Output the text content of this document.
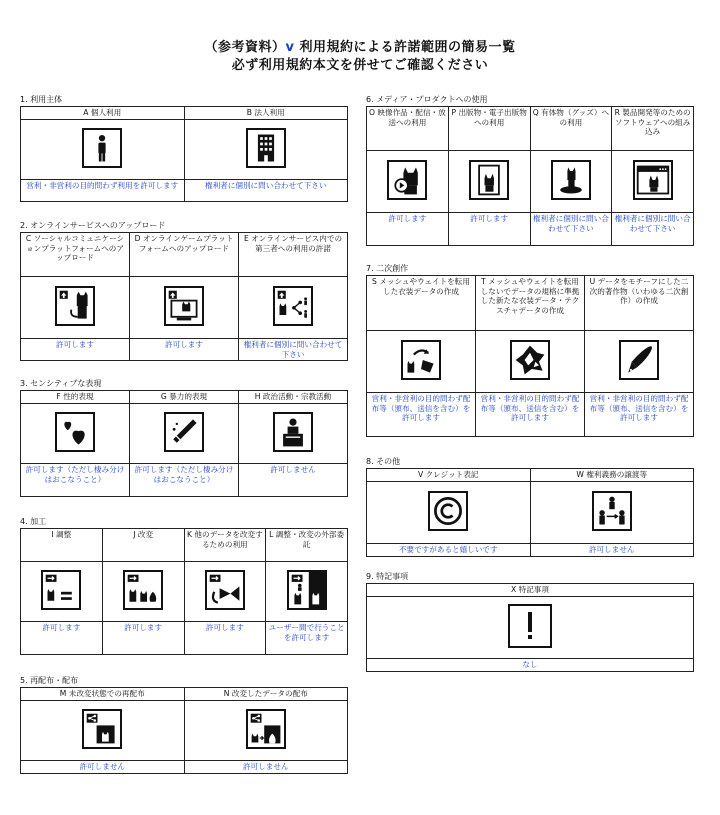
（参考資料）v 利用規約による許諾範囲の簡易一覧
必ず利用規約本文を併せてご確認ください
1. 利用主体
A 個人利用	B 法人利用

営利・非営利の目的問わず利用を許可します	権利者に個別に問い合わせて下さい
2. オンラインサービスへのアップロード
C ソーシャルコミュニケーションプラットフォームへのアップロード	D オンラインゲームプラットフォームへのアップロード	E オンラインサービス内での第三者への利用の許諾

許可します	許可します	権利者に個別に問い合わせて下さい
3. センシティブな表現
F 性的表現	G 暴力的表現	H 政治活動・宗教活動

許可します（ただし棲み分けはおこなうこと）	許可します（ただし棲み分けはおこなうこと）	許可しません
4. 加工
I 調整	J 改変	K 他のデータを改変するための利用	L 調整・改変の外部委託

許可します	許可します	許可します	ユーザー間で行うことを許可します
5. 再配布・配布
M 未改変状態での再配布	N 改変したデータの配布

許可しません	許可しません
6. メディア・プロダクトへの使用
O 映像作品・配信・放送への利用	P 出版物・電子出版物への利用	Q 有体物（グッズ）への利用	R 製品開発等のためのソフトウェアへの組み込み

許可します	許可します	権利者に個別に問い合わせて下さい	権利者に個別に問い合わせて下さい
7. 二次創作
S メッシュやウェイトを転用した衣装データの作成	T メッシュやウェイトを転用しないでデータの規格に準拠した新たな衣装データ・テクスチャデータの作成	U データをモチーフにした二次的著作物（いわゆる二次創作）の作成

営利・非営利の目的問わず配布等（頒布、送信を含む）を許可します	営利・非営利の目的問わず配布等（頒布、送信を含む）を許可します	営利・非営利の目的問わず配布等（頒布、送信を含む）を許可します
8. その他
V クレジット表記	W 権利義務の譲渡等

不要ですがあると嬉しいです	許可しません
9. 特記事項
X 特記事項

なし
